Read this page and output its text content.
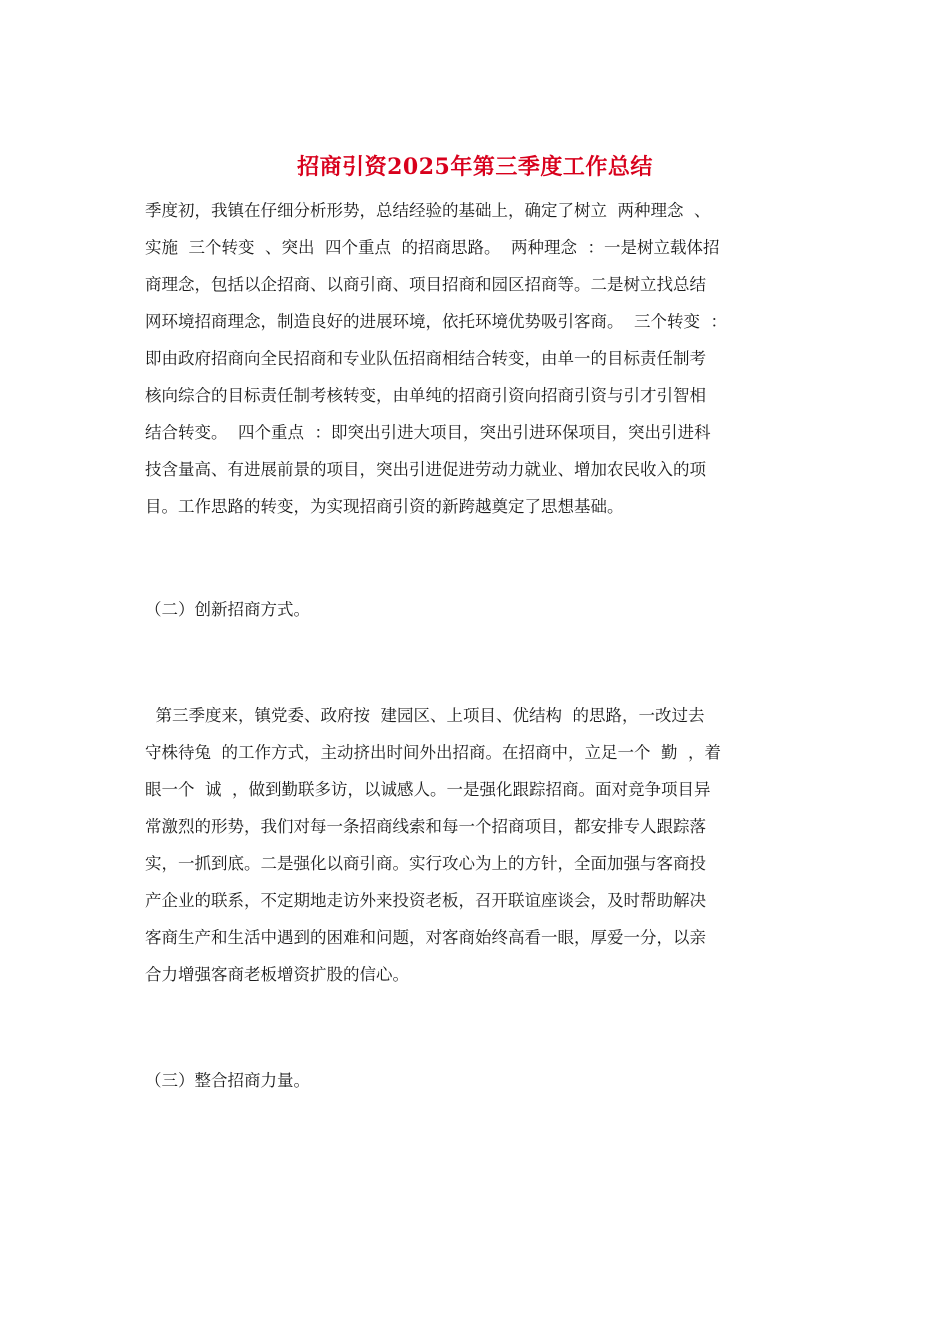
招商引资2025年第三季度工作总结
季度初，我镇在仔细分析形势，总结经验的基础上，确定了树立  两种理念  、
实施  三个转变  、突出  四个重点  的招商思路。  两种理念  ：一是树立载体招
商理念，包括以企招商、以商引商、项目招商和园区招商等。二是树立找总结
网环境招商理念，制造良好的进展环境，依托环境优势吸引客商。  三个转变  ：
即由政府招商向全民招商和专业队伍招商相结合转变，由单一的目标责任制考
核向综合的目标责任制考核转变，由单纯的招商引资向招商引资与引才引智相
结合转变。  四个重点  ：即突出引进大项目，突出引进环保项目，突出引进科
技含量高、有进展前景的项目，突出引进促进劳动力就业、增加农民收入的项
目。工作思路的转变，为实现招商引资的新跨越奠定了思想基础。
（二）创新招商方式。
第三季度来，镇党委、政府按  建园区、上项目、优结构  的思路，一改过去
守株待兔  的工作方式，主动挤出时间外出招商。在招商中，立足一个  勤  ，着
眼一个  诚  ，做到勤联多访，以诚感人。一是强化跟踪招商。面对竞争项目异
常激烈的形势，我们对每一条招商线索和每一个招商项目，都安排专人跟踪落
实，一抓到底。二是强化以商引商。实行攻心为上的方针，全面加强与客商投
产企业的联系，不定期地走访外来投资老板，召开联谊座谈会，及时帮助解决
客商生产和生活中遇到的困难和问题，对客商始终高看一眼，厚爱一分，以亲
合力增强客商老板增资扩股的信心。
（三）整合招商力量。
